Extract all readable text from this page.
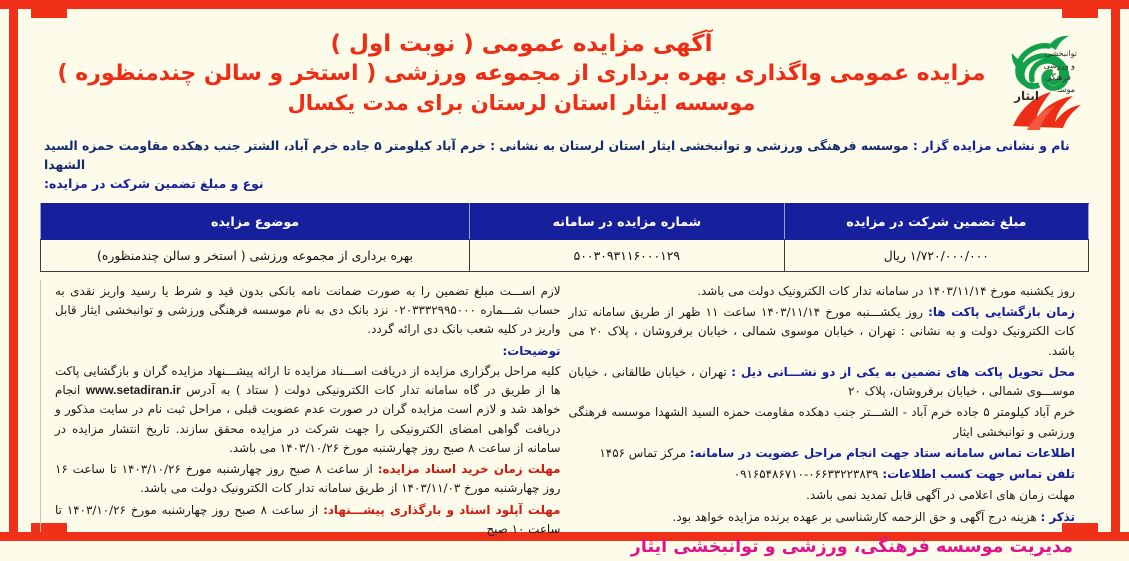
توانبخشی
و ورزشی
فرهنگی
موسـ
ایثار
آگهی مزایده عمومی ( نوبت اول )
مزایده عمومی واگذاری بهره برداری از مجموعه ورزشی ( استخر و سالن چندمنظوره )
موسسه ایثار استان لرستان برای مدت یکسال
نام و نشانی مزایده گزار : موسسه فرهنگی ورزشی و توانبخشی ایثار استان لرستان به نشانی : خرم آباد کیلومتر ۵ جاده خرم آباد، الشتر جنب دهکده مقاومت حمزه السید الشهدا
نوع و مبلغ تضمین شرکت در مزایده:
مبلغ تضمین شرکت در مزایده	شماره مزایده در سامانه	موضوع مزایده
۱/۷۲۰/۰۰۰/۰۰۰ ریال	۵۰۰۳۰۹۳۱۱۶۰۰۰۱۲۹	بهره برداری از مجموعه ورزشی ( استخر و سالن چندمنظوره)

روز یکشنبه مورخ ۱۴۰۳/۱۱/۱۴ در سامانه تدار کات الکترونیک دولت می باشد.

زمان بازگشایی پاکت ها: روز یکشـــنبه مورخ ۱۴۰۳/۱۱/۱۴ ساعت ۱۱ ظهر از طریق سامانه تدار کات الکترونیک دولت و به نشانی : تهران ، خیابان موسوی شمالی ، خیابان برفروشان ، پلاک ۲۰ می باشد.

محل تحویل پاکت های تضمین به یکی از دو نشـــانی ذیل : تهران ، خیابان طالقانی ، خیابان موســـوی شمالی ، خیابان برفروشان، پلاک ۲۰

خرم آباد کیلومتر ۵ جاده خرم آباد - الشـــتر جنب دهکده مقاومت حمزه السید الشهدا موسسه فرهنگی ورزشی و توانبخشی ایثار

اطلاعات تماس سامانه ستاد جهت انجام مراحل عضویت در سامانه: مرکز تماس ۱۴۵۶

تلفن تماس جهت کسب اطلاعات: ۰۶۶۳۳۲۲۳۸۳۹-۰۹۱۶۵۴۸۶۷۱۰

مهلت زمان های اعلامی در آگهی قابل تمدید نمی باشد.

تذکر : هزینه درج آگهی و حق الزحمه کارشناسی بر عهده برنده مزایده خواهد بود.

مدیریت موسسه فرهنگی، ورزشی و توانبخشی ایثار

لازم اســـت مبلغ تضمین را به صورت ضمانت نامه بانکی بدون قید و شرط یا رسید واریز نقدی به حساب شـــماره ۰۲۰۳۳۳۲۹۹۵۰۰۰ نزد بانک دی به نام موسسه فرهنگی ورزشی و توانبخشی ایثار قابل واریز در کلیه شعب بانک دی ارائه گردد.

توضیحات:

کلیه مراحل برگزاری مزایده از دریافت اســـناد مزایده تا ارائه پیشـــنهاد مزایده گران و بازگشایی پاکت ها از طریق در گاه سامانه تدار کات الکترونیکی دولت ( ستاد ) به آدرس www.setadiran.ir انجام خواهد شد و لازم است مزایده گران در صورت عدم عضویت قبلی ، مراحل ثبت نام در سایت مذکور و دریافت گواهی امضای الکترونیکی را جهت شرکت در مزایده محقق سازند. تاریخ انتشار مزایده در سامانه از ساعت ۸ صبح روز چهارشنبه مورخ ۱۴۰۳/۱۰/۲۶ می باشد.

مهلت زمان خرید اسناد مزایده: از ساعت ۸ صبح روز چهارشنبه مورخ ۱۴۰۳/۱۰/۲۶ تا ساعت ۱۶ روز چهارشنبه مورخ ۱۴۰۳/۱۱/۰۳ از طریق سامانه تدار کات الکترونیک دولت می باشد.

مهلت آپلود اسناد و بارگذاری پیشـــنهاد: از ساعت ۸ صبح روز چهارشنبه مورخ ۱۴۰۳/۱۰/۲۶ تا ساعت ۱۰ صبح
